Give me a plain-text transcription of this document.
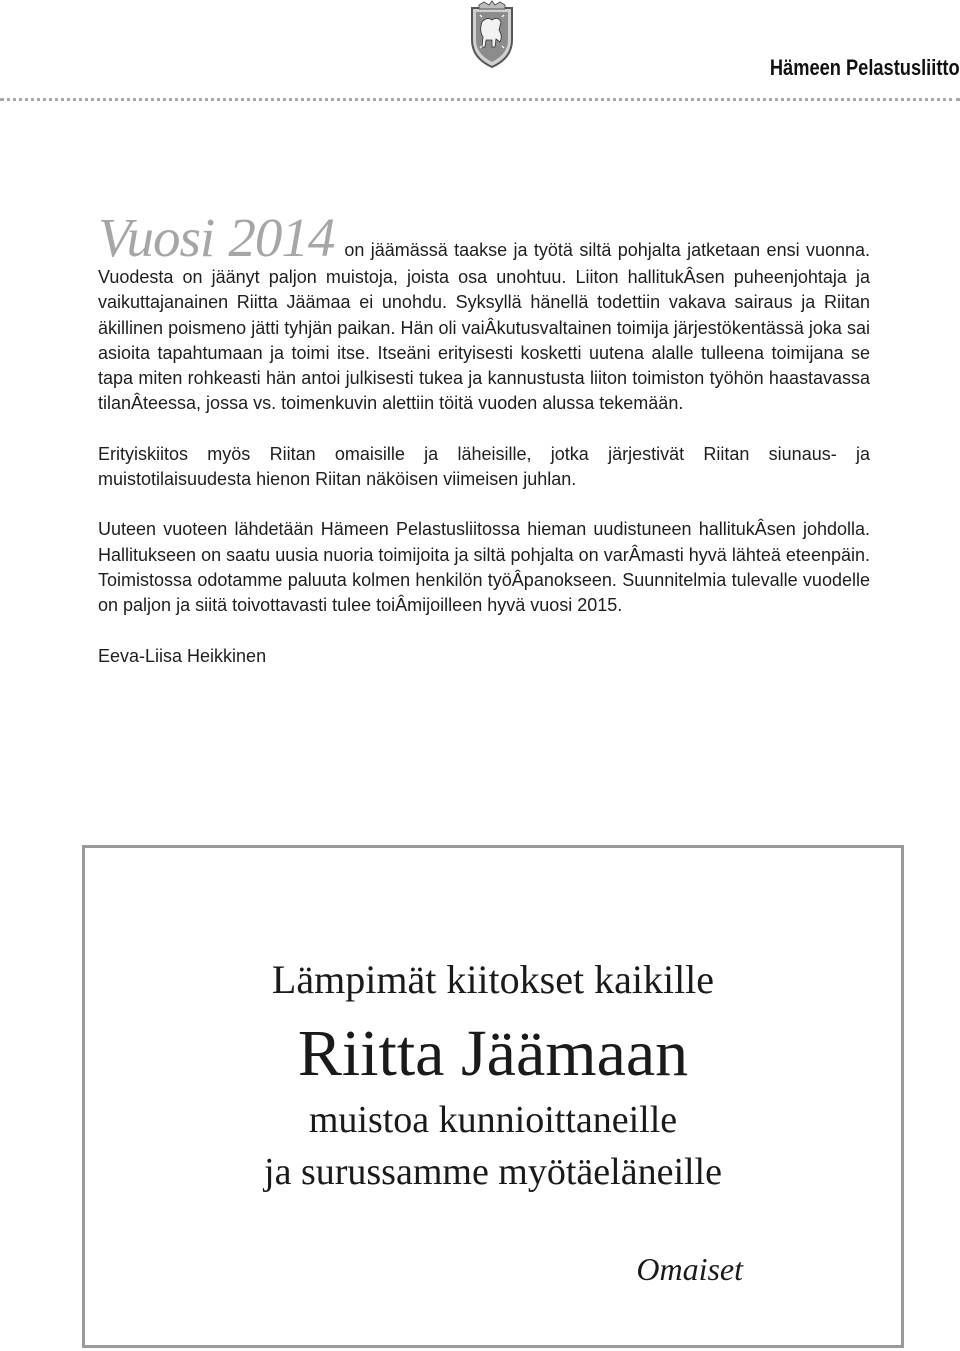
Hämeen Pelastusliitto

Vuosi 2014 on jäämässä taakse ja työtä siltä pohjalta jatketaan ensi vuonna. Vuodesta on jäänyt paljon muistoja, joista osa unohtuu. Liiton hallitukÂsen puheenjohtaja ja vaikuttajanainen Riitta Jäämaa ei unohdu. Syksyllä hänellä todettiin vakava sairaus ja Riitan äkillinen poismeno jätti tyhjän paikan. Hän oli vaiÂkutusvaltainen toimija järjestökentässä joka sai asioita tapahtumaan ja toimi itse. Itseäni erityisesti kosketti uutena alalle tulleena toimijana se tapa miten rohkeasti hän antoi julkisesti tukea ja kannustusta liiton toimiston työhön haastavassa tilanÂteessa, jossa vs. toimenkuvin alettiin töitä vuoden alussa tekemään.

Erityiskiitos myös Riitan omaisille ja läheisille, jotka järjestivät Riitan siunaus- ja muistotilaisuudesta hienon Riitan näköisen viimeisen juhlan.

Uuteen vuoteen lähdetään Hämeen Pelastusliitossa hieman uudistuneen hallitukÂsen johdolla. Hallitukseen on saatu uusia nuoria toimijoita ja siltä pohjalta on varÂmasti hyvä lähteä eteenpäin. Toimistossa odotamme paluuta kolmen henkilön työÂpanokseen. Suunnitelmia tulevalle vuodelle on paljon ja siitä toivottavasti tulee toiÂmijoilleen hyvä vuosi 2015.

Eeva-Liisa Heikkinen

Lämpimät kiitokset kaikille
Riitta Jäämaan
muistoa kunnioittaneille
ja surussamme myötäeläneille
Omaiset
